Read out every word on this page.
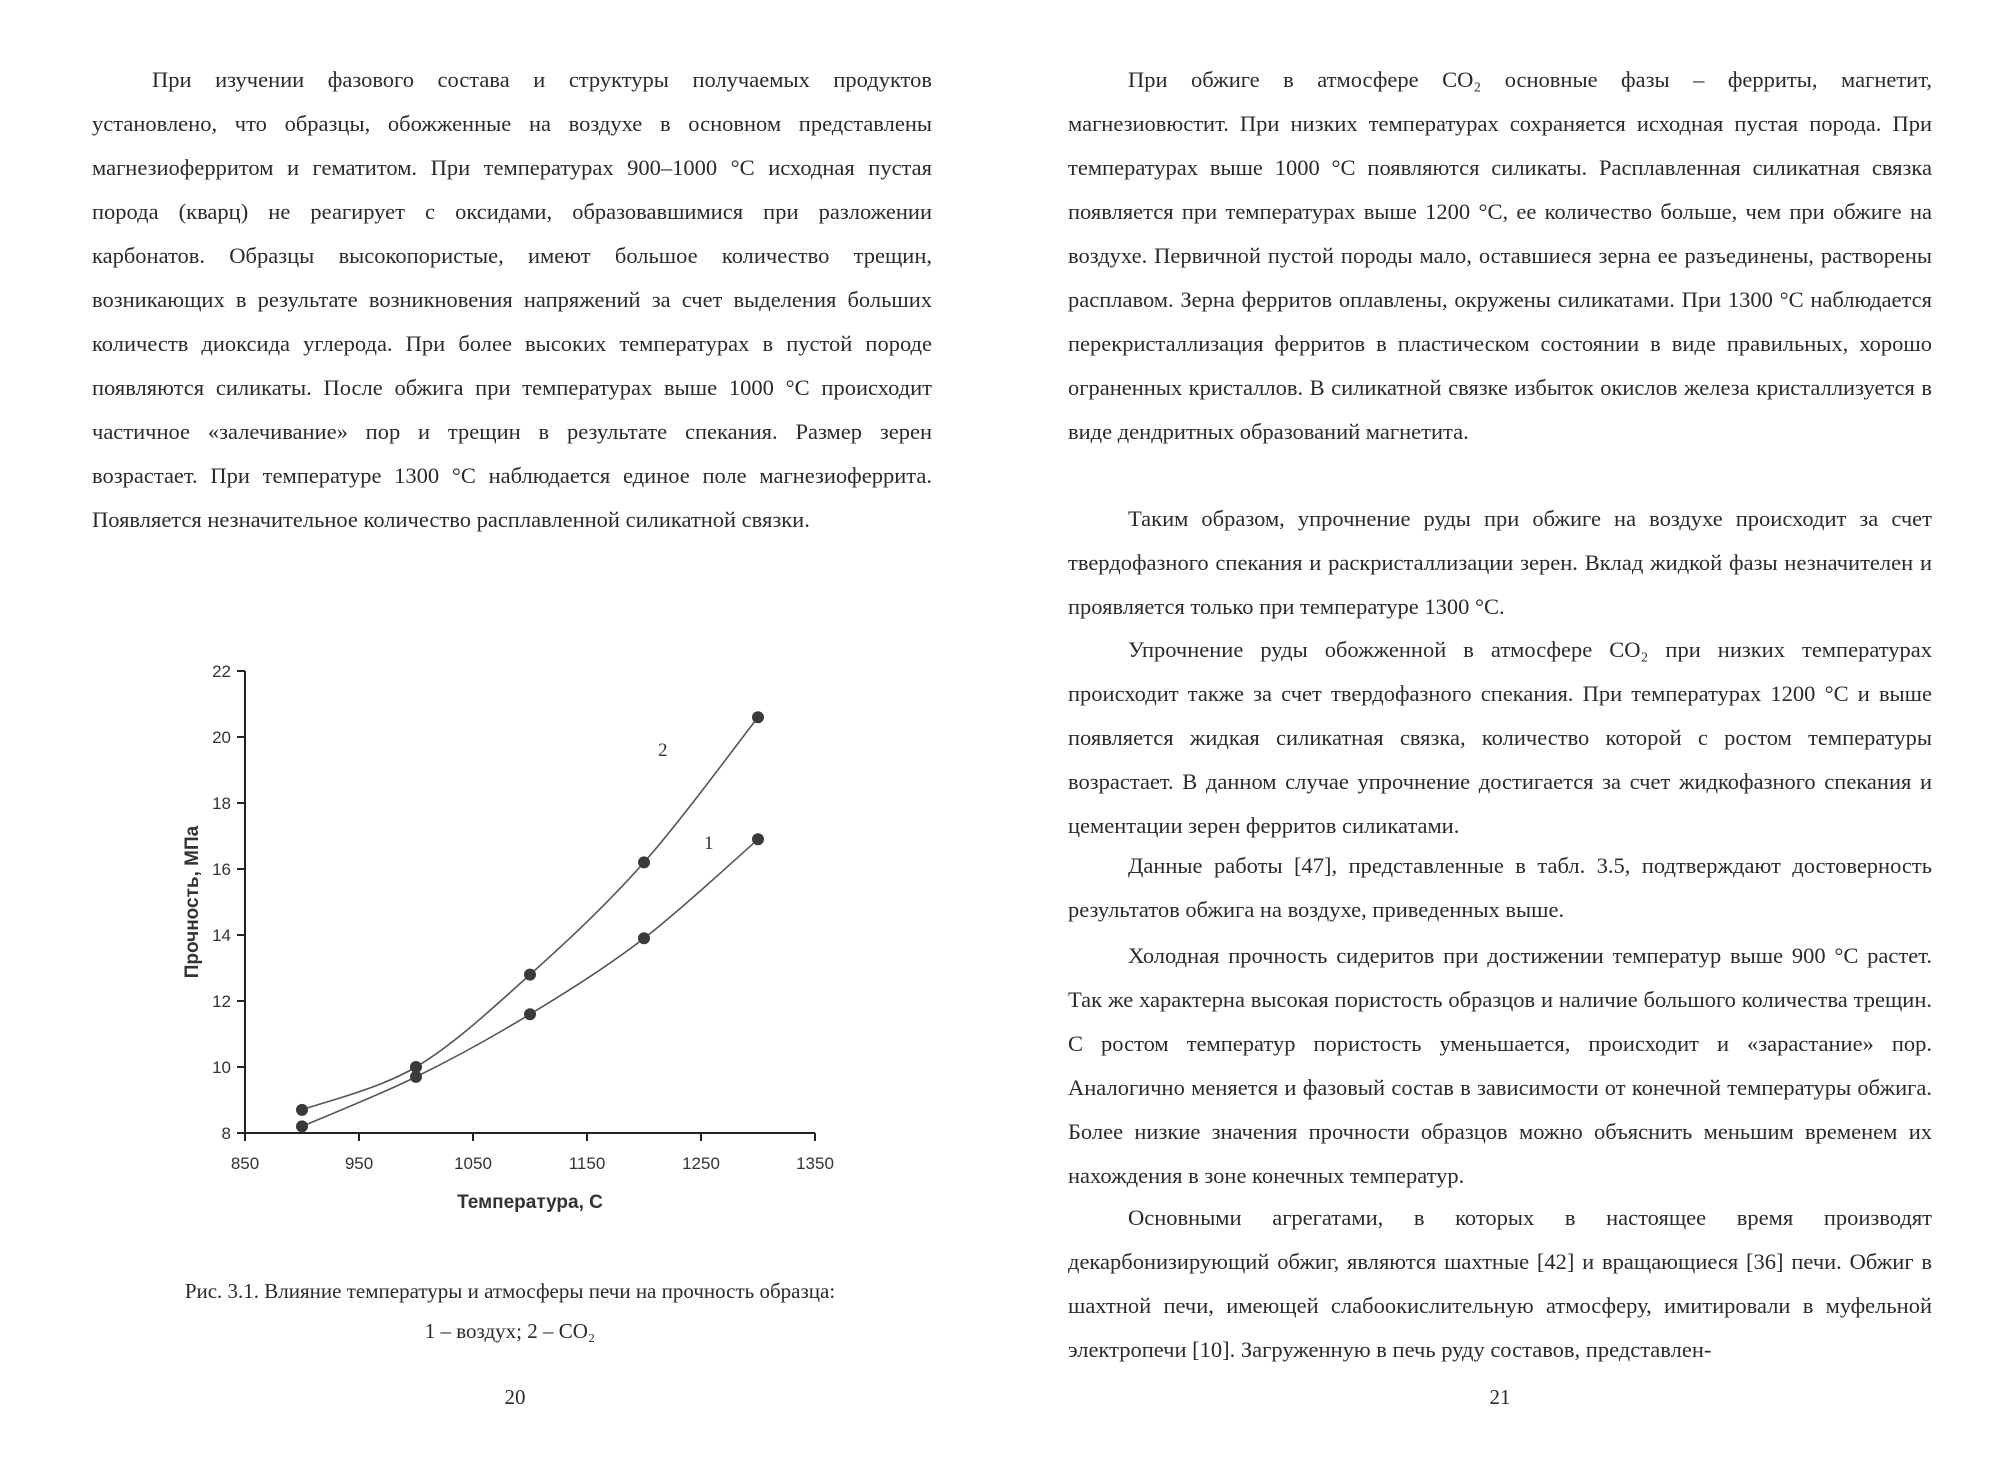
8
10
12
14
16
18
20
22
850	950	1050	1150	1250	1350
Температура, С
Прочность, МПа	1
2

При изучении фазового состава и структуры получаемых продуктов установлено, что образцы, обожженные на воздухе в основном представлены магнезиоферритом и гематитом. При температурах 900–1000 °С исходная пустая порода (кварц) не реагирует с оксидами, образовавшимися при разложении карбонатов. Образцы высокопористые, имеют большое количество трещин, возникающих в результате возникновения напряжений за счет выделения больших количеств диоксида углерода. При более высоких температурах в пустой породе появляются силикаты. После обжига при температурах выше 1000 °С происходит частичное «залечивание» пор и трещин в результате спекания. Размер зерен возрастает. При температуре 1300 °С наблюдается единое поле магнезиоферрита. Появляется незначительное количество расплавленной силикатной связки.

Рис. 3.1. Влияние температуры и атмосферы печи на прочность образца:
1 – воздух; 2 – CO₂
20

При обжиге в атмосфере CO₂ основные фазы – ферриты, магнетит, магнезиовюстит. При низких температурах сохраняется исходная пустая порода. При температурах выше 1000 °С появляются силикаты. Расплавленная силикатная связка появляется при температурах выше 1200 °С, ее количество больше, чем при обжиге на воздухе. Первичной пустой породы мало, оставшиеся зерна ее разъединены, растворены расплавом. Зерна ферритов оплавлены, окружены силикатами. При 1300 °С наблюдается перекристаллизация ферритов в пластическом состоянии в виде правильных, хорошо ограненных кристаллов. В силикатной связке избыток окислов железа кристаллизуется в виде дендритных образований магнетита.

Таким образом, упрочнение руды при обжиге на воздухе происходит за счет твердофазного спекания и раскристаллизации зерен. Вклад жидкой фазы незначителен и проявляется только при температуре 1300 °С.

Упрочнение руды обожженной в атмосфере CO₂ при низких температурах происходит также за счет твердофазного спекания. При температурах 1200 °С и выше появляется жидкая силикатная связка, количество которой с ростом температуры возрастает. В данном случае упрочнение достигается за счет жидкофазного спекания и цементации зерен ферритов силикатами.

Данные работы [47], представленные в табл. 3.5, подтверждают достоверность результатов обжига на воздухе, приведенных выше.

Холодная прочность сидеритов при достижении температур выше 900 °С растет. Так же характерна высокая пористость образцов и наличие большого количества трещин. С ростом температур пористость уменьшается, происходит и «зарастание» пор. Аналогично меняется и фазовый состав в зависимости от конечной температуры обжига. Более низкие значения прочности образцов можно объяснить меньшим временем их нахождения в зоне конечных температур.

Основными агрегатами, в которых в настоящее время производят декарбонизирующий обжиг, являются шахтные [42] и вращающиеся [36] печи. Обжиг в шахтной печи, имеющей слабоокислительную атмосферу, имитировали в муфельной электропечи [10]. Загруженную в печь руду составов, представлен-

21
